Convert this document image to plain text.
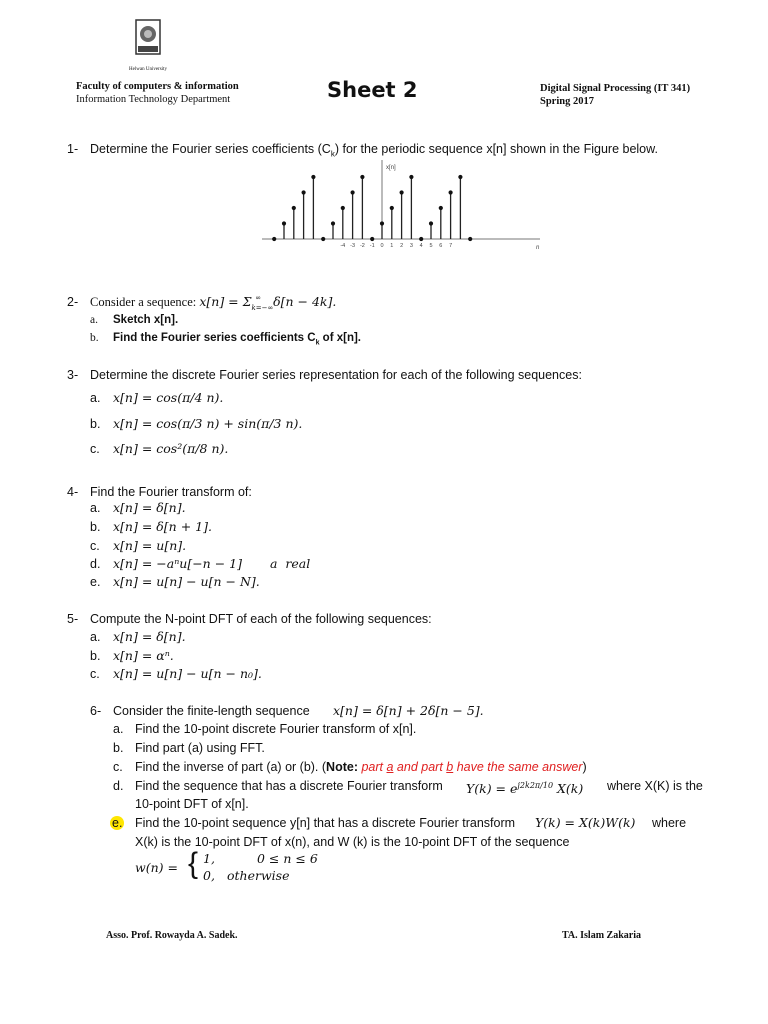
Helwan University
Faculty of computers & information
Information Technology Department	Sheet 2	Digital Signal Processing (IT 341)
Spring 2017
1- Determine the Fourier series coefficients $(C_k)$ for the periodic sequence x[n] shown in the Figure below.
x[n]
n
-4 -3 -2 -1 0 1 2 3 4 5 6 7
2- Consider a sequence: $x[n] = \Sigma_{k=-\infty}^\infty$ δ[n − 4k].
a. Sketch x[n].
b. Find the Fourier series coefficients $C_k$ of x[n].
3- Determine the discrete Fourier series representation for each of the following sequences:
a. x[n] = cos(π/4 n).
b. x[n] = cos(π/3 n) + sin(π/3 n).
c. x[n] = cos²(π/8 n).
4- Find the Fourier transform of:
a. x[n] = δ[n].
b. x[n] = δ[n + 1].
c. x[n] = u[n].
d. x[n] = −aⁿu[−n − 1] a  real
e. x[n] = u[n] − u[n − N].
5- Compute the N-point DFT of each of the following sequences:
a. x[n] = δ[n].
b. x[n] = αⁿ.
c. x[n] = u[n] − u[n − n₀].
6- Consider the finite-length sequence x[n] = δ[n] + 2δ[n − 5].
a. Find the 10-point discrete Fourier transform of x[n].
b. Find part (a) using FFT.
c. Find the inverse of part (a) or (b). (Note: part a and part b have the same answer)
d. Find the sequence that has a discrete Fourier transform $Y(k) = e^{j2k2\pi/10}$ X(k) where X(K) is the
10-point DFT of x[n].
e. Find the 10-point sequence y[n] that has a discrete Fourier transform Y(k) = X(k)W(k) where
X(k) is the 10-point DFT of x(n), and W (k) is the 10-point DFT of the sequence
w(n) = { 1,	0 ≤ n ≤ 6
0, otherwise
Asso. Prof. Rowayda A. Sadek.	TA. Islam Zakaria
